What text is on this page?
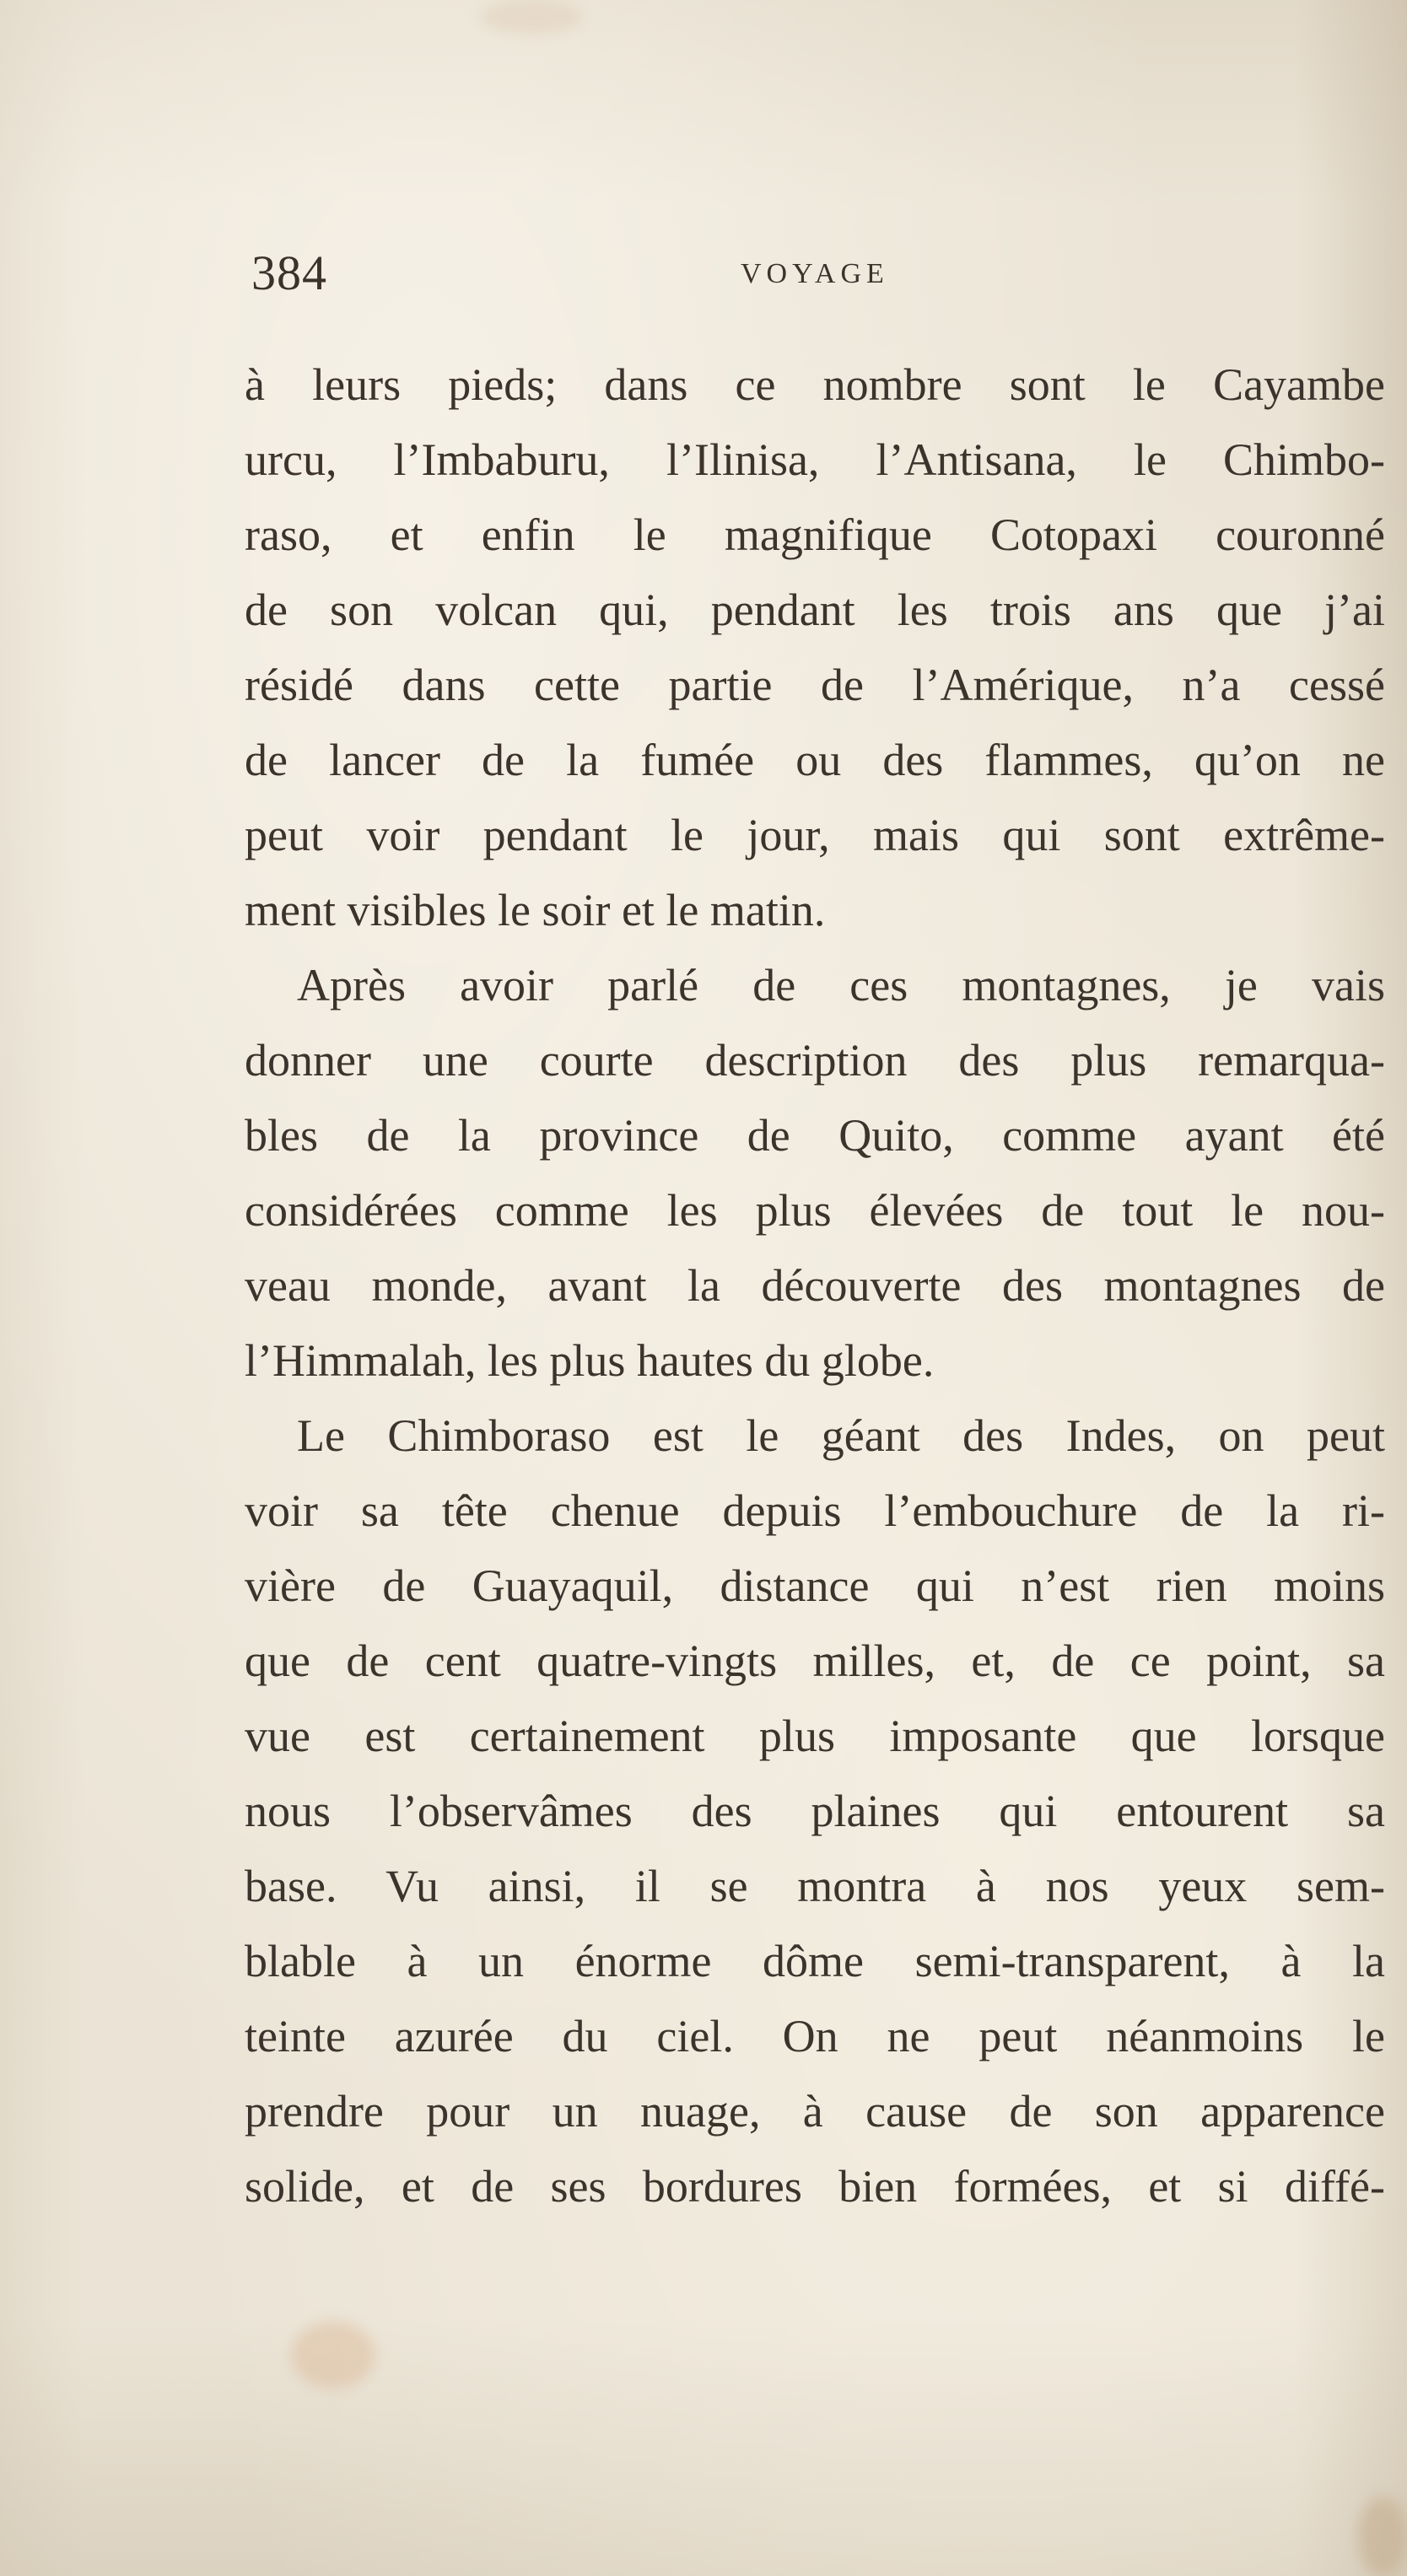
384	VOYAGE
à leurs pieds; dans ce nombre sont le Cayambe
urcu, l’Imbaburu, l’Ilinisa, l’Antisana, le Chimbo-
raso, et enfin le magnifique Cotopaxi couronné
de son volcan qui, pendant les trois ans que j’ai
résidé dans cette partie de l’Amérique, n’a cessé
de lancer de la fumée ou des flammes, qu’on ne
peut voir pendant le jour, mais qui sont extrême-
ment visibles le soir et le matin.
Après avoir parlé de ces montagnes, je vais
donner une courte description des plus remarqua-
bles de la province de Quito, comme ayant été
considérées comme les plus élevées de tout le nou-
veau monde, avant la découverte des montagnes de
l’Himmalah, les plus hautes du globe.
Le Chimboraso est le géant des Indes, on peut
voir sa tête chenue depuis l’embouchure de la ri-
vière de Guayaquil, distance qui n’est rien moins
que de cent quatre-vingts milles, et, de ce point, sa
vue est certainement plus imposante que lorsque
nous l’observâmes des plaines qui entourent sa
base. Vu ainsi, il se montra à nos yeux sem-
blable à un énorme dôme semi-transparent, à la
teinte azurée du ciel. On ne peut néanmoins le
prendre pour un nuage, à cause de son apparence
solide, et de ses bordures bien formées, et si diffé-
